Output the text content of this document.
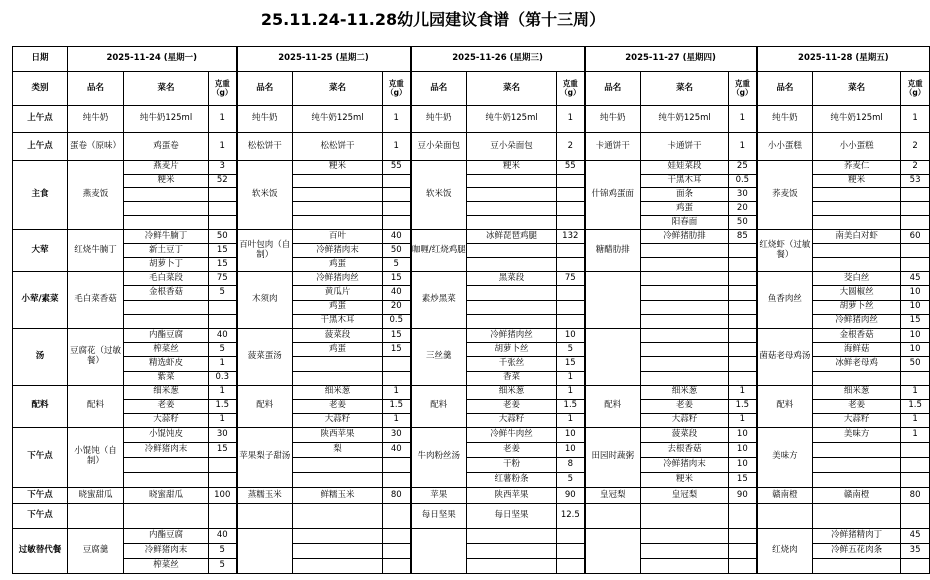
25.11.24-11.28幼儿园建议食谱（第十三周）
日期	2025-11-24 (星期一)			2025-11-25 (星期二)			2025-11-26 (星期三)			2025-11-27 (星期四)			2025-11-28 (星期五)		
类别	品名	菜名	克重（g）	品名	菜名	克重（g）	品名	菜名	克重（g）	品名	菜名	克重（g）	品名	菜名	克重（g）
上午点	纯牛奶	纯牛奶125ml	1	纯牛奶	纯牛奶125ml	1	纯牛奶	纯牛奶125ml	1	纯牛奶	纯牛奶125ml	1	纯牛奶	纯牛奶125ml	1
上午点	蛋卷（原味）	鸡蛋卷	1	松松饼干	松松饼干	1	豆小朵面包	豆小朵面包	2	卡通饼干	卡通饼干	1	小小蛋糕	小小蛋糕	2
主食	燕麦饭	燕麦片	3	软米饭	粳米	55	软米饭	粳米	55	什锦鸡蛋面	娃娃菜段	25	荞麦饭	荞麦仁	2
		粳米	52								干黑木耳	0.5		粳米	53
											面条	30			
											鸡蛋	20			
											阳春面	50			
大荤	红烧牛腩丁	冷鲜牛腩丁	50	百叶包肉（自制）	百叶	40	咖喱/红烧鸡腿	冰鲜琵琶鸡腿	132	糖醋肋排	冷鲜猪肋排	85	红烧虾（过敏餐）	南美白对虾	60
		新土豆丁	15		冷鲜猪肉末	50									
		胡萝卜丁	15		鸡蛋	5									
小荤/素菜	毛白菜香菇	毛白菜段	75	木须肉	冷鲜猪肉丝	15	素炒黑菜	黑菜段	75				鱼香肉丝	茭白丝	45
		金根香菇	5		黄瓜片	40								大圆椒丝	10
					鸡蛋	20								胡萝卜丝	10
					干黑木耳	0.5								冷鲜猪肉丝	15
汤	豆腐花（过敏餐）	内酯豆腐	40	菠菜蛋汤	菠菜段	15	三丝羹	冷鲜猪肉丝	10				菌菇老母鸡汤	金根香菇	10
		榨菜丝	5		鸡蛋	15		胡萝卜丝	5					海鲜菇	10
		精选虾皮	1					千张丝	15					冰鲜老母鸡	50
		紫菜	0.3					香菜	1						
配料	配料	细米葱	1	配料	细米葱	1	配料	细米葱	1	配料	细米葱	1	配料	细米葱	1
		老姜	1.5		老姜	1.5		老姜	1.5		老姜	1.5		老姜	1.5
		大蒜籽	1		大蒜籽	1		大蒜籽	1		大蒜籽	1		大蒜籽	1
下午点	小馄饨（自制）	小馄饨皮	30	苹果梨子甜汤	陕西苹果	30	牛肉粉丝汤	冷鲜牛肉丝	10	田园时蔬粥	菠菜段	10	美味方	美味方	1
		冷鲜猪肉末	15		梨	40		老姜	10		去根香菇	10			
								干粉	8		冷鲜猪肉末	10			
								红薯粉条	5		粳米	15			
下午点	晓蜜甜瓜	晓蜜甜瓜	100	蒸糯玉米	鲜糯玉米	80	苹果	陕西苹果	90	皇冠梨	皇冠梨	90	赣南橙	赣南橙	80
下午点							每日坚果	每日坚果	12.5						
过敏替代餐	豆腐羹	内酯豆腐	40										红烧肉	冷鲜猪精肉丁	45
		冷鲜猪肉末	5											冷鲜五花肉条	35
		榨菜丝	5												
